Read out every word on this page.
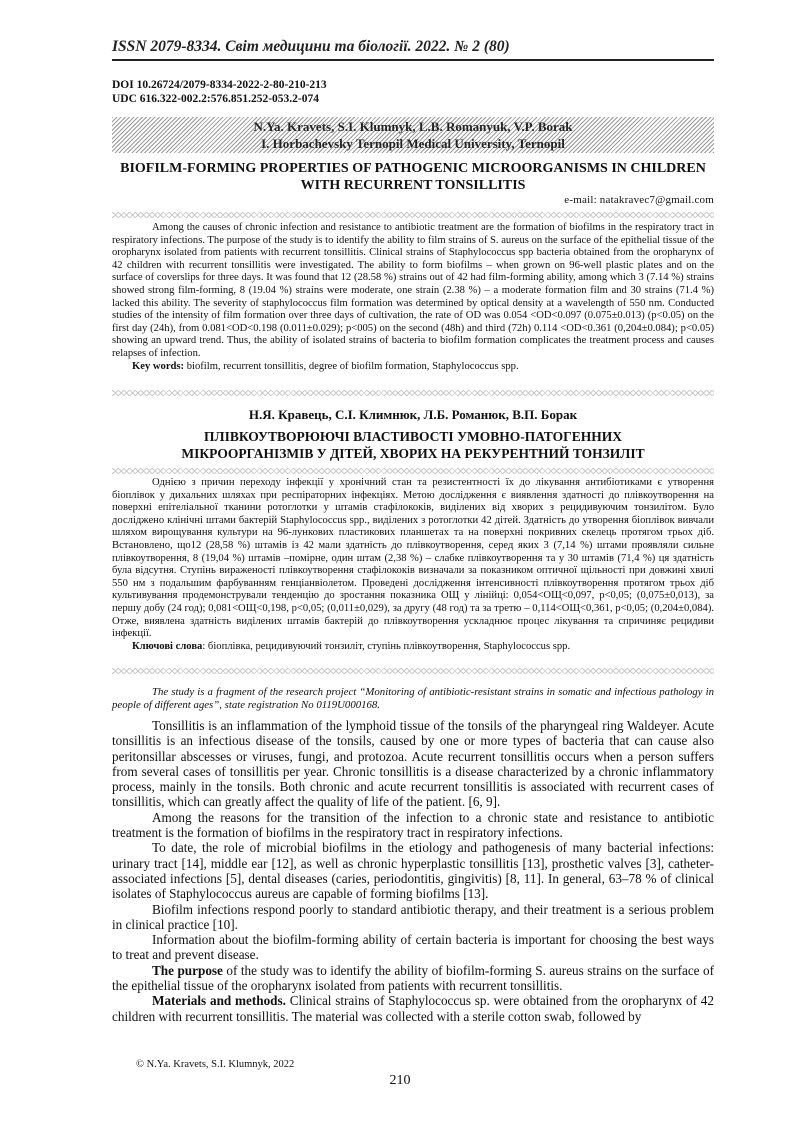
ISSN 2079-8334. Світ медицини та біології. 2022. № 2 (80)
DOI 10.26724/2079-8334-2022-2-80-210-213
UDC 616.322-002.2:576.851.252-053.2-074
N.Ya. Kravets, S.I. Klumnyk, L.B. Romanyuk, V.P. Borak
I. Horbachevsky Ternopil Medical University, Ternopil
BIOFILM-FORMING PROPERTIES OF PATHOGENIC MICROORGANISMS IN CHILDREN
WITH RECURRENT TONSILLITIS
e-mail: natakravec7@gmail.com

Among the causes of chronic infection and resistance to antibiotic treatment are the formation of biofilms in the respiratory tract in respiratory infections. The purpose of the study is to identify the ability to film strains of S. aureus on the surface of the epithelial tissue of the oropharynx isolated from patients with recurrent tonsillitis. Clinical strains of Staphylococcus spp bacteria obtained from the oropharynx of 42 children with recurrent tonsillitis were investigated. The ability to form biofilms – when grown on 96-well plastic plates and on the surface of coverslips for three days. It was found that 12 (28.58 %) strains out of 42 had film-forming ability, among which 3 (7.14 %) strains showed strong film-forming, 8 (19.04 %) strains were moderate, one strain (2.38 %) – a moderate formation film and 30 strains (71.4 %) lacked this ability. The severity of staphylococcus film formation was determined by optical density at a wavelength of 550 nm. Conducted studies of the intensity of film formation over three days of cultivation, the rate of OD was 0.054 <OD<0.097 (0.075±0.013) (p<0.05) on the first day (24h), from 0.081<OD<0.198 (0.011±0.029); p<005) on the second (48h) and third (72h) 0.114 <OD<0.361 (0,204±0.084); p<0.05) showing an upward trend. Thus, the ability of isolated strains of bacteria to biofilm formation complicates the treatment process and causes relapses of infection.

Key words: biofilm, recurrent tonsillitis, degree of biofilm formation, Staphylococcus spp.

Н.Я. Кравець, С.І. Климнюк, Л.Б. Романюк, В.П. Борак
ПЛІВКОУТВОРЮЮЧІ ВЛАСТИВОСТІ УМОВНО-ПАТОГЕННИХ
МІКРООРГАНІЗМІВ У ДІТЕЙ, ХВОРИХ НА РЕКУРЕНТНИЙ ТОНЗИЛІТ

Однією з причин переходу інфекції у хронічний стан та резистентності їх до лікування антибіотиками є утворення біоплівок у дихальних шляхах при респіраторних інфекціях. Метою дослідження є виявлення здатності до плівкоутворення на поверхні епітеліальної тканини ротоглотки у штамів стафілококів, виділених від хворих з рецидивуючим тонзилітом. Було досліджено клінічні штами бактерій Staphylococcus spp., виділених з ротоглотки 42 дітей. Здатність до утворення біоплівок вивчали шляхом вирощування культури на 96-лункових пластикових планшетах та на поверхні покривних скелець протягом трьох діб. Встановлено, що12 (28,58 %) штамів із 42 мали здатність до плівкоутворення, серед яких 3 (7,14 %) штами проявляли сильне плівкоутворення, 8 (19,04 %) штамів –помірне, один штам (2,38 %) – слабке плівкоутворення та у 30 штамів (71,4 %) ця здатність була відсутня. Ступінь вираженості плівкоутворення стафілококів визначали за показником оптичної щільності при довжині хвилі 550 нм з подальшим фарбуванням генціанвіолетом. Проведені дослідження інтенсивності плівкоутворення протягом трьох діб культивування продемонстрували тенденцію до зростання показника ОЩ у лінійці: 0,054<ОЩ<0,097, р<0,05; (0,075±0,013), за першу добу (24 год); 0,081<ОЩ<0,198, р<0,05; (0,011±0,029), за другу (48 год) та за третю – 0,114<ОЩ<0,361, р<0,05; (0,204±0,084). Отже, виявлена здатність виділених штамів бактерій до плівкоутворення ускладнює процес лікування та спричиняє рецидиви інфекції.

Ключові слова: біоплівка, рецидивуючий тонзиліт, ступінь плівкоутворення, Staphylococcus spp.

The study is a fragment of the research project “Monitoring of antibiotic-resistant strains in somatic and infectious pathology in people of different ages”, state registration No 0119U000168.

Tonsillitis is an inflammation of the lymphoid tissue of the tonsils of the pharyngeal ring Waldeyer. Acute tonsillitis is an infectious disease of the tonsils, caused by one or more types of bacteria that can cause also peritonsillar abscesses or viruses, fungi, and protozoa. Acute recurrent tonsillitis occurs when a person suffers from several cases of tonsillitis per year. Chronic tonsillitis is a disease characterized by a chronic inflammatory process, mainly in the tonsils. Both chronic and acute recurrent tonsillitis is associated with recurrent cases of tonsillitis, which can greatly affect the quality of life of the patient. [6, 9].

Among the reasons for the transition of the infection to a chronic state and resistance to antibiotic treatment is the formation of biofilms in the respiratory tract in respiratory infections.

To date, the role of microbial biofilms in the etiology and pathogenesis of many bacterial infections: urinary tract [14], middle ear [12], as well as chronic hyperplastic tonsillitis [13], prosthetic valves [3], catheter-associated infections [5], dental diseases (caries, periodontitis, gingivitis) [8, 11]. In general, 63–78 % of clinical isolates of Staphylococcus aureus are capable of forming biofilms [13].

Biofilm infections respond poorly to standard antibiotic therapy, and their treatment is a serious problem in clinical practice [10].

Information about the biofilm-forming ability of certain bacteria is important for choosing the best ways to treat and prevent disease.

The purpose of the study was to identify the ability of biofilm-forming S. aureus strains on the surface of the epithelial tissue of the oropharynx isolated from patients with recurrent tonsillitis.

Materials and methods. Clinical strains of Staphylococcus sp. were obtained from the oropharynx of 42 children with recurrent tonsillitis. The material was collected with a sterile cotton swab, followed by

© N.Ya. Kravets, S.I. Klumnyk, 2022
210
